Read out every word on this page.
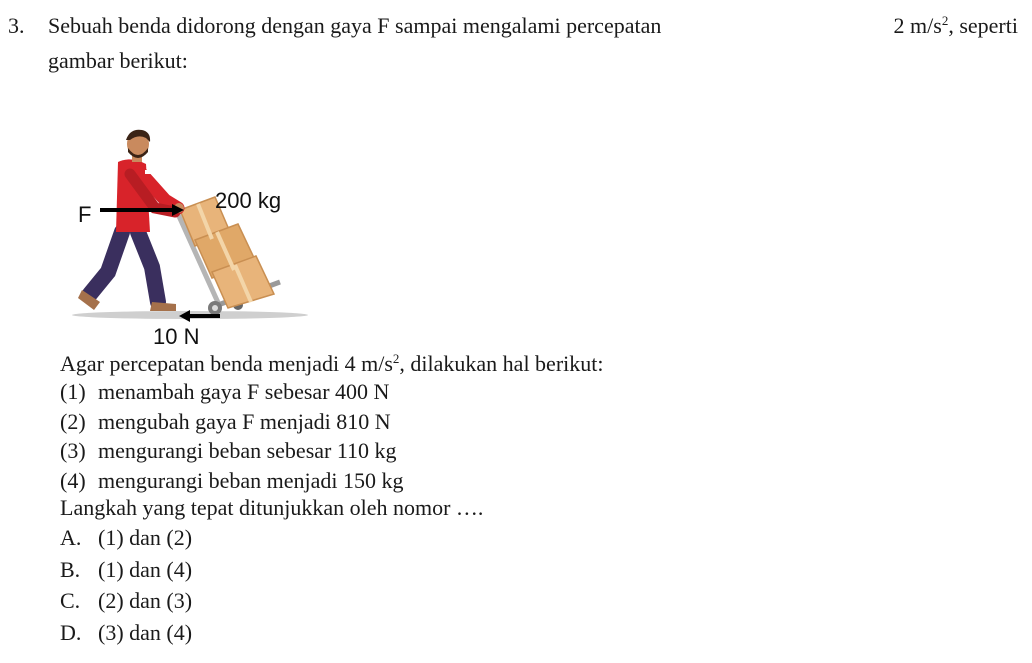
3. Sebuah benda didorong dengan gaya F sampai mengalami percepatan	2 $m/s^2$, seperti
gambar berikut:
F
200 kg
10 N
Agar percepatan benda menjadi 4 $m/s^2$, dilakukan hal berikut:
(1) menambah gaya F sebesar 400 N
(2) mengubah gaya F menjadi 810 N
(3) mengurangi beban sebesar 110 kg
(4) mengurangi beban menjadi 150 kg
Langkah yang tepat ditunjukkan oleh nomor ….
A. (1) dan (2)
B. (1) dan (4)
C. (2) dan (3)
D. (3) dan (4)
